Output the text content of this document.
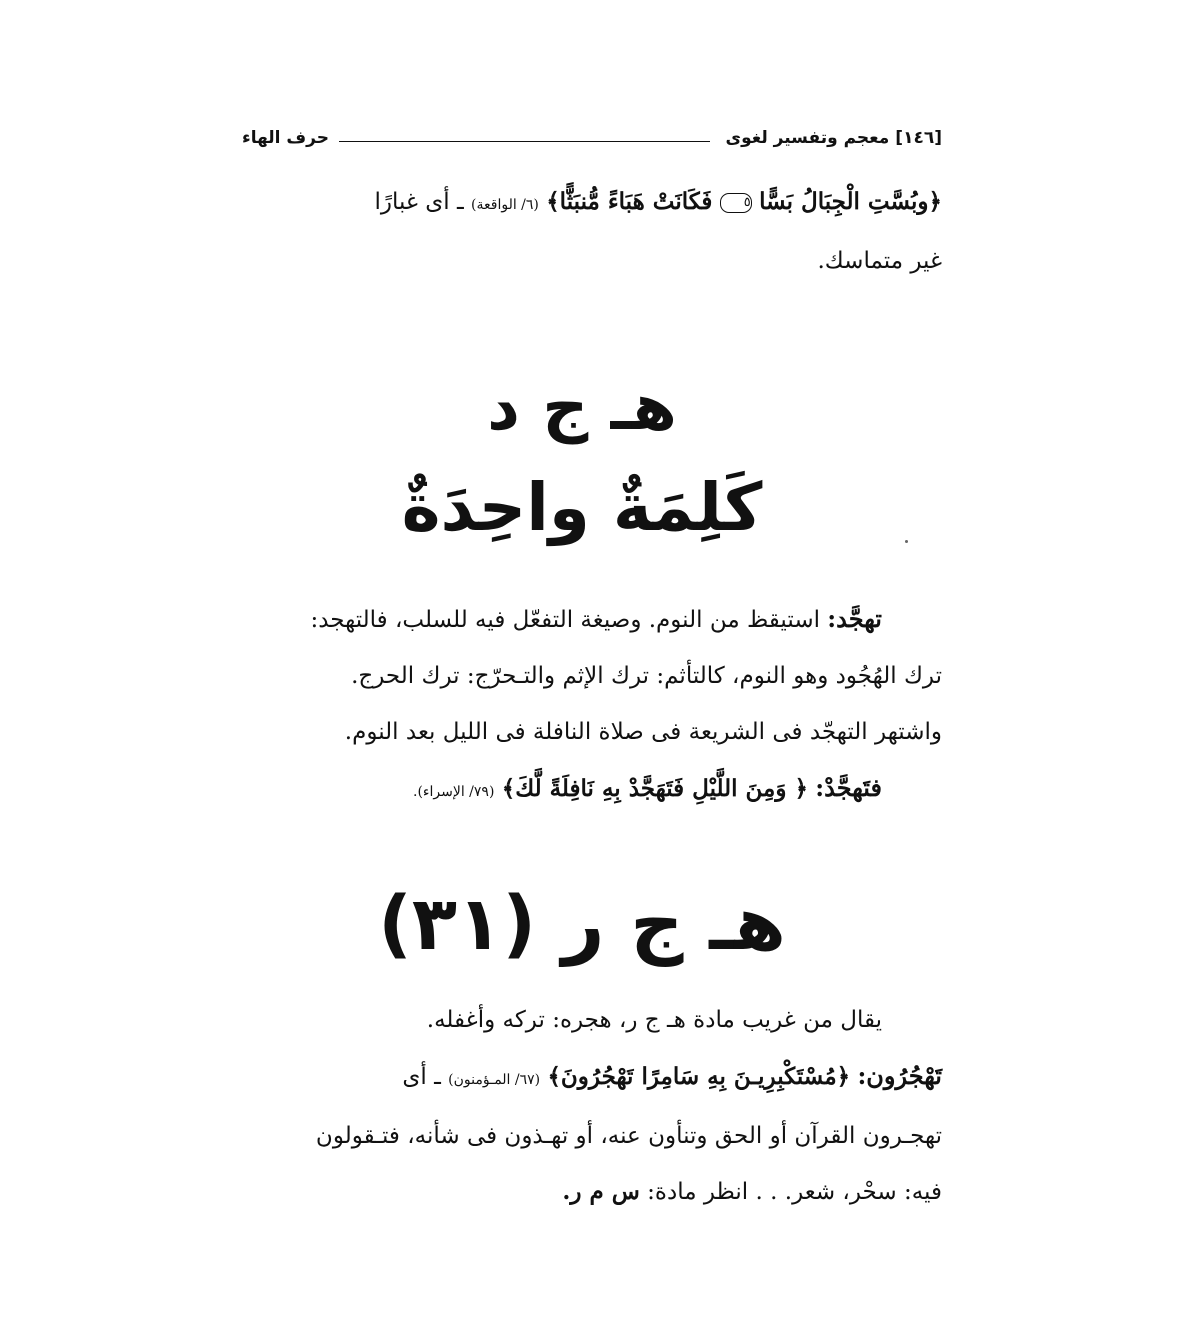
[١٤٦]
معجم وتفسير لغوى
حرف الهاء

﴿وبُسَّتِ الْجِبَالُ بَسًّا ٥ فَكَانَتْ هَبَاءً مُّنبَثًّا﴾ (٦/ الواقعة) ـ أى غبارًا

غير متماسك.

هـ ج د
كَلِمَةٌ واحِدَةٌ

تهجَّد: استيقظ من النوم. وصيغة التفعّل فيه للسلب، فالتهجد:

ترك الهُجُود وهو النوم، كالتأثم: ترك الإثم والتـحرّج: ترك الحرج.

واشتهر التهجّد فى الشريعة فى صلاة النافلة فى الليل بعد النوم.

فتَهجَّدْ: ﴿ وَمِنَ اللَّيْلِ فَتَهَجَّدْ بِهِ نَافِلَةً لَّكَ﴾ (٧٩/ الإسراء).

هـ ج ر (٣١)

يقال من غريب مادة هـ ج ر، هجره: تركه وأغفله.

تَهْجُرُون: ﴿مُسْتَكْبِرِيـنَ بِهِ سَامِرًا تَهْجُرُونَ﴾ (٦٧/ المـؤمنون) ـ أى

تهجـرون القرآن أو الحق وتنأون عنه، أو تهـذون فى شأنه، فتـقولون

فيه: سحْر، شعر. . . انظر مادة: س م ر.
